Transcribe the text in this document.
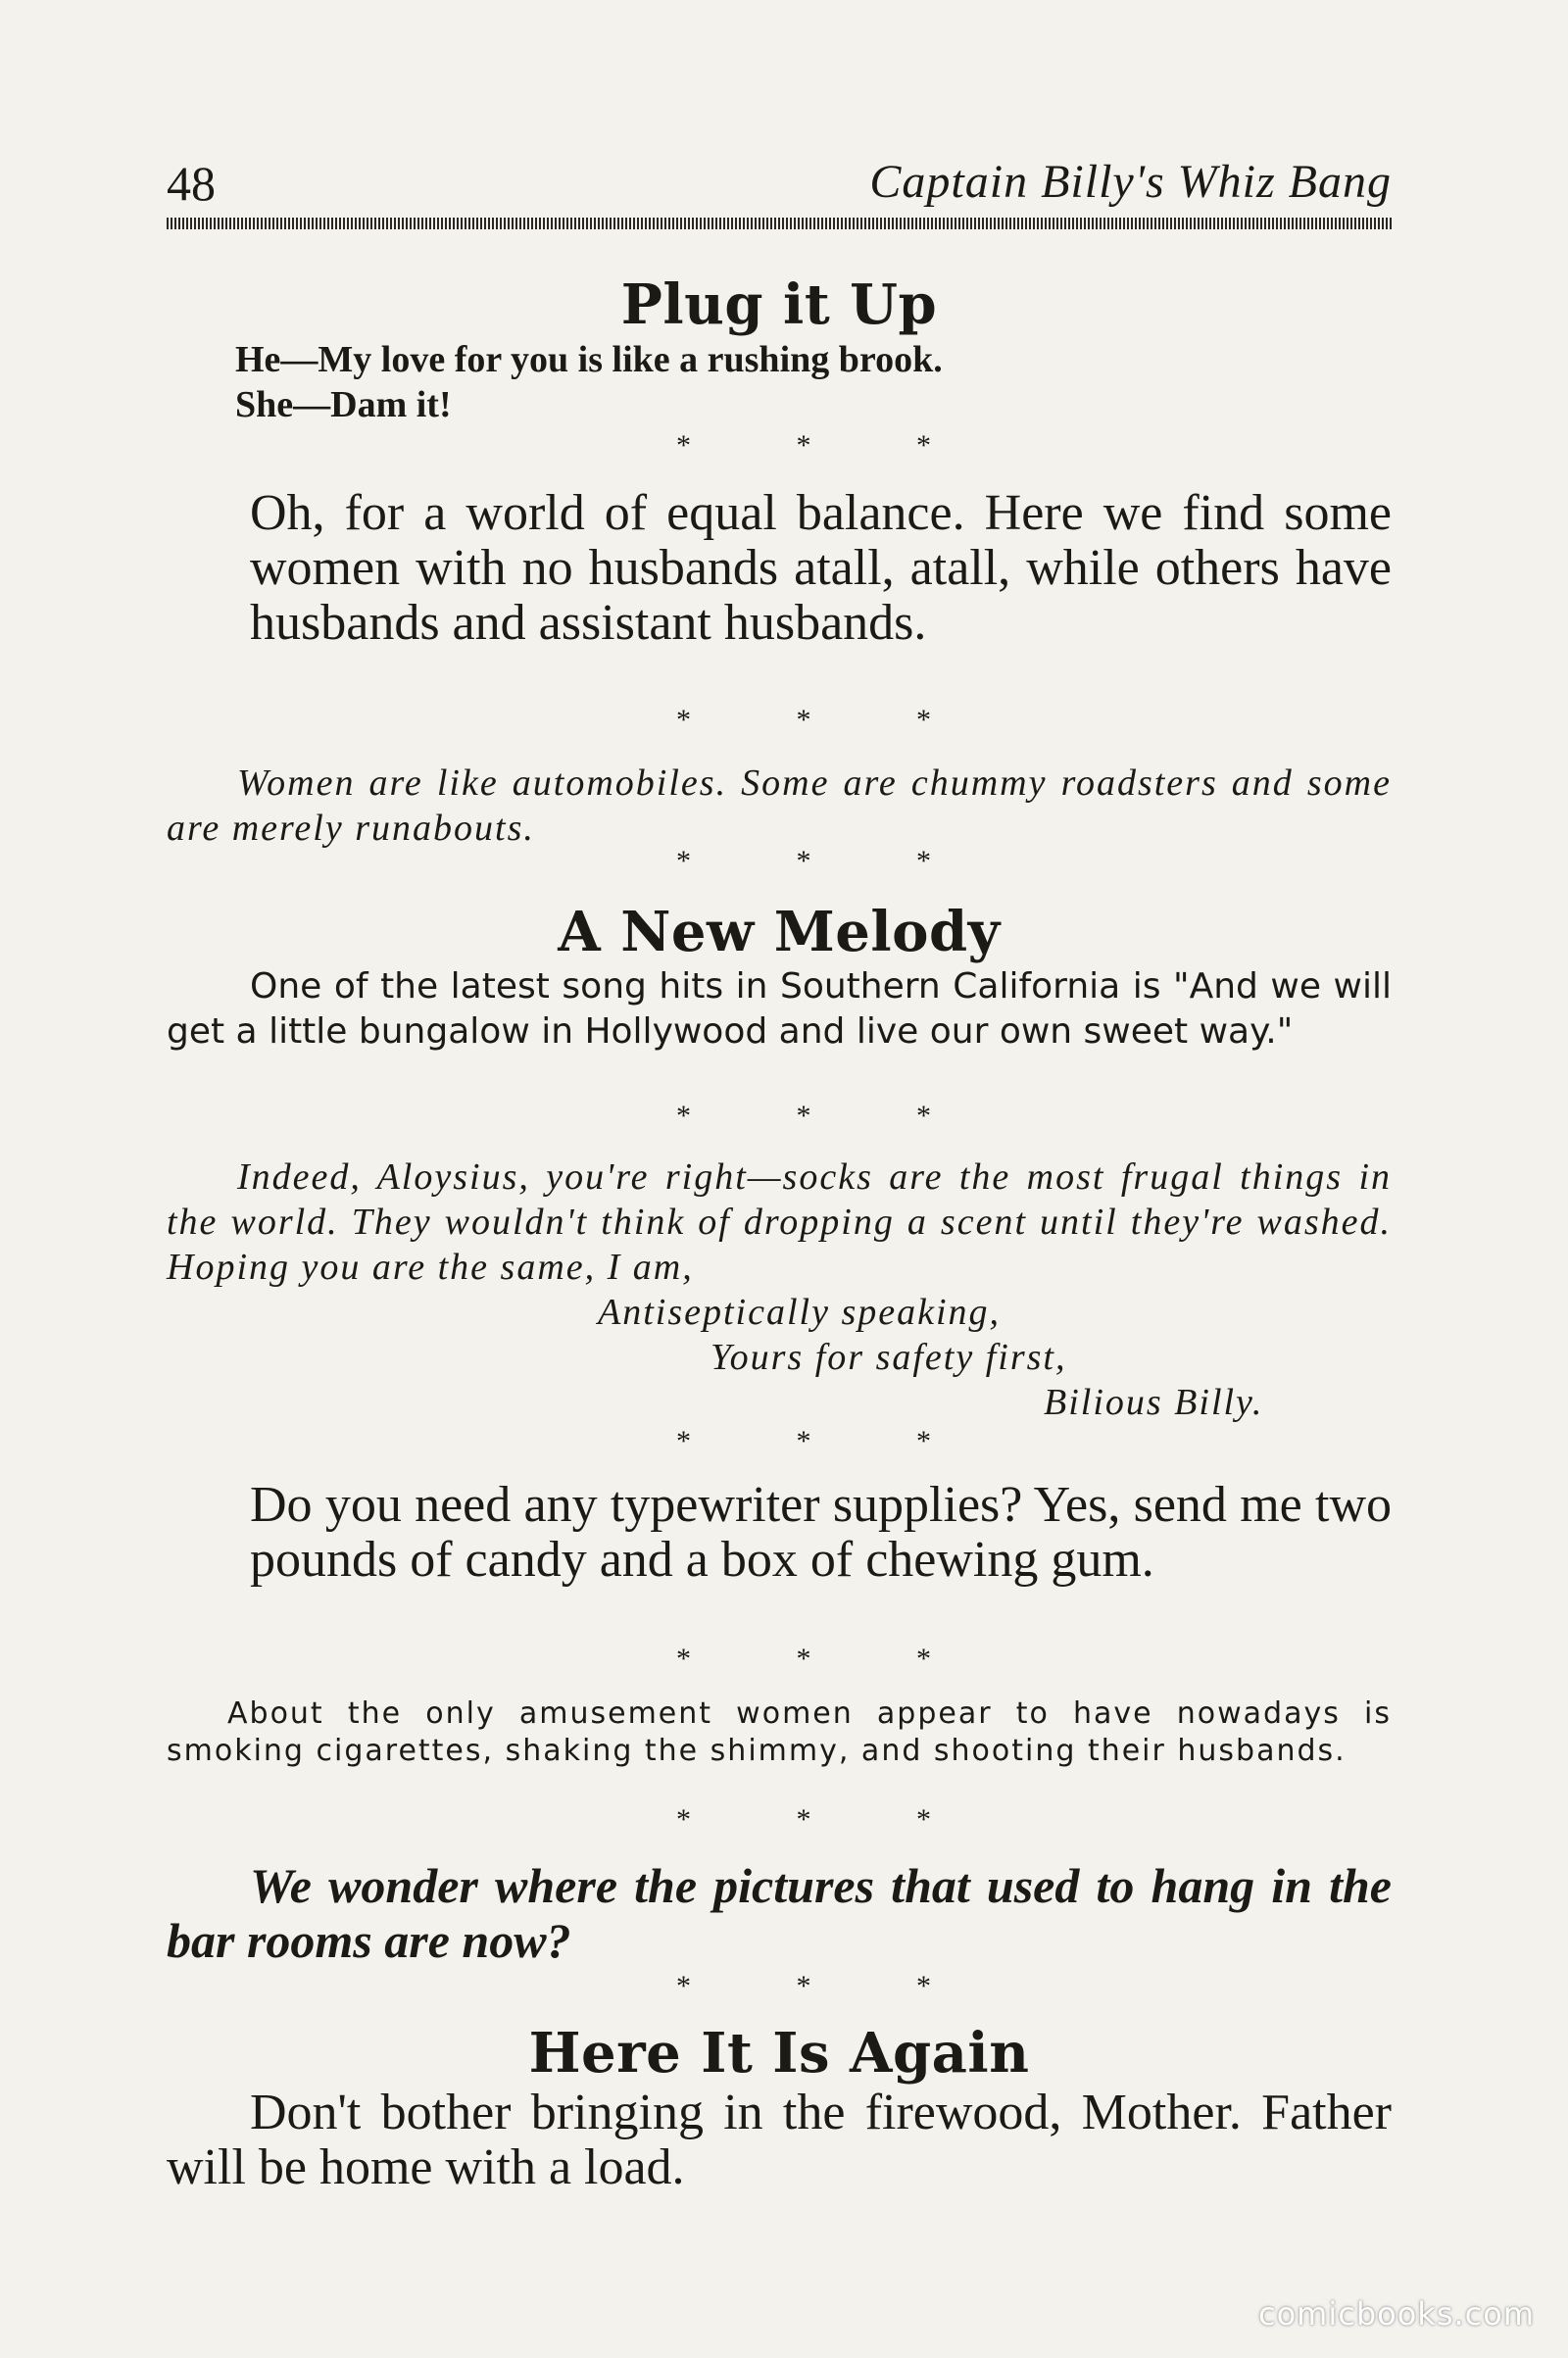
48	Captain Billy's Whiz Bang
Plug it Up
He—My love for you is like a rushing brook.
She—Dam it!
* * *
Oh, for a world of equal balance. Here we find some women with no husbands atall, atall, while others have husbands and assistant husbands.
* * *
Women are like automobiles. Some are chummy roadsters and some are merely runabouts.
* * *
A New Melody
One of the latest song hits in Southern California is "And we will get a little bungalow in Hollywood and live our own sweet way."
* * *
Indeed, Aloysius, you're right—socks are the most frugal things in the world. They wouldn't think of dropping a scent until they're washed. Hoping you are the same, I am,
Antiseptically speaking,
Yours for safety first,
Bilious Billy.
* * *
Do you need any typewriter supplies? Yes, send me two pounds of candy and a box of chewing gum.
* * *
About the only amusement women appear to have nowadays is smoking cigarettes, shaking the shimmy, and shooting their husbands.
* * *
We wonder where the pictures that used to hang in the bar rooms are now?
* * *
Here It Is Again
Don't bother bringing in the firewood, Mother. Father will be home with a load.
comicbooks.com
